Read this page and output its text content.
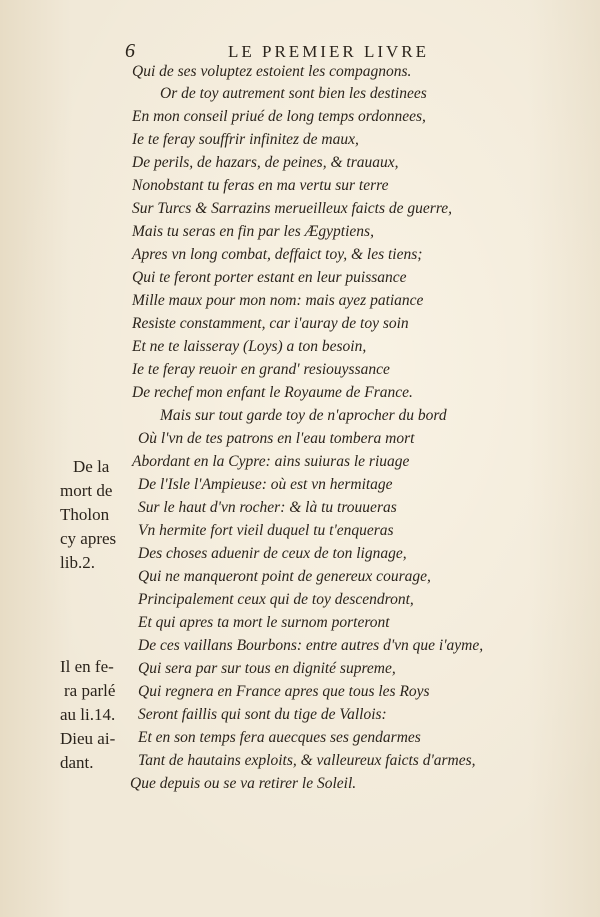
6	LE PREMIER LIVRE
Qui de ses voluptez estoient les compagnons.
Or de toy autrement sont bien les destinees
En mon conseil priué de long temps ordonnees,
Ie te feray souffrir infinitez de maux,
De perils, de hazars, de peines, & trauaux,
Nonobstant tu feras en ma vertu sur terre
Sur Turcs & Sarrazins merueilleux faicts de guerre,
Mais tu seras en fin par les Ægyptiens,
Apres vn long combat, deffaict toy, & les tiens;
Qui te feront porter estant en leur puissance
Mille maux pour mon nom: mais ayez patiance
Resiste constamment, car i'auray de toy soin
Et ne te laisseray (Loys) a ton besoin,
Ie te feray reuoir en grand' resiouyssance
De rechef mon enfant le Royaume de France.
Mais sur tout garde toy de n'aprocher du bord
Où l'vn de tes patrons en l'eau tombera mort
Abordant en la Cypre: ains suiuras le riuage
De l'Isle l'Ampieuse: où est vn hermitage
Sur le haut d'vn rocher: & là tu trouueras
Vn hermite fort vieil duquel tu t'enqueras
Des choses aduenir de ceux de ton lignage,
Qui ne manqueront point de genereux courage,
Principalement ceux qui de toy descendront,
Et qui apres ta mort le surnom porteront
De ces vaillans Bourbons: entre autres d'vn que i'ayme,
Qui sera par sur tous en dignité supreme,
Qui regnera en France apres que tous les Roys
Seront faillis qui sont du tige de Vallois:
Et en son temps fera auecques ses gendarmes
Tant de hautains exploits, & valleureux faicts d'armes,
Que depuis ou se va retirer le Soleil.
De la
mort de
Tholon
cy apres
lib.2.
Il en fe-
ra parlé
au li.14.
Dieu ai-
dant.
